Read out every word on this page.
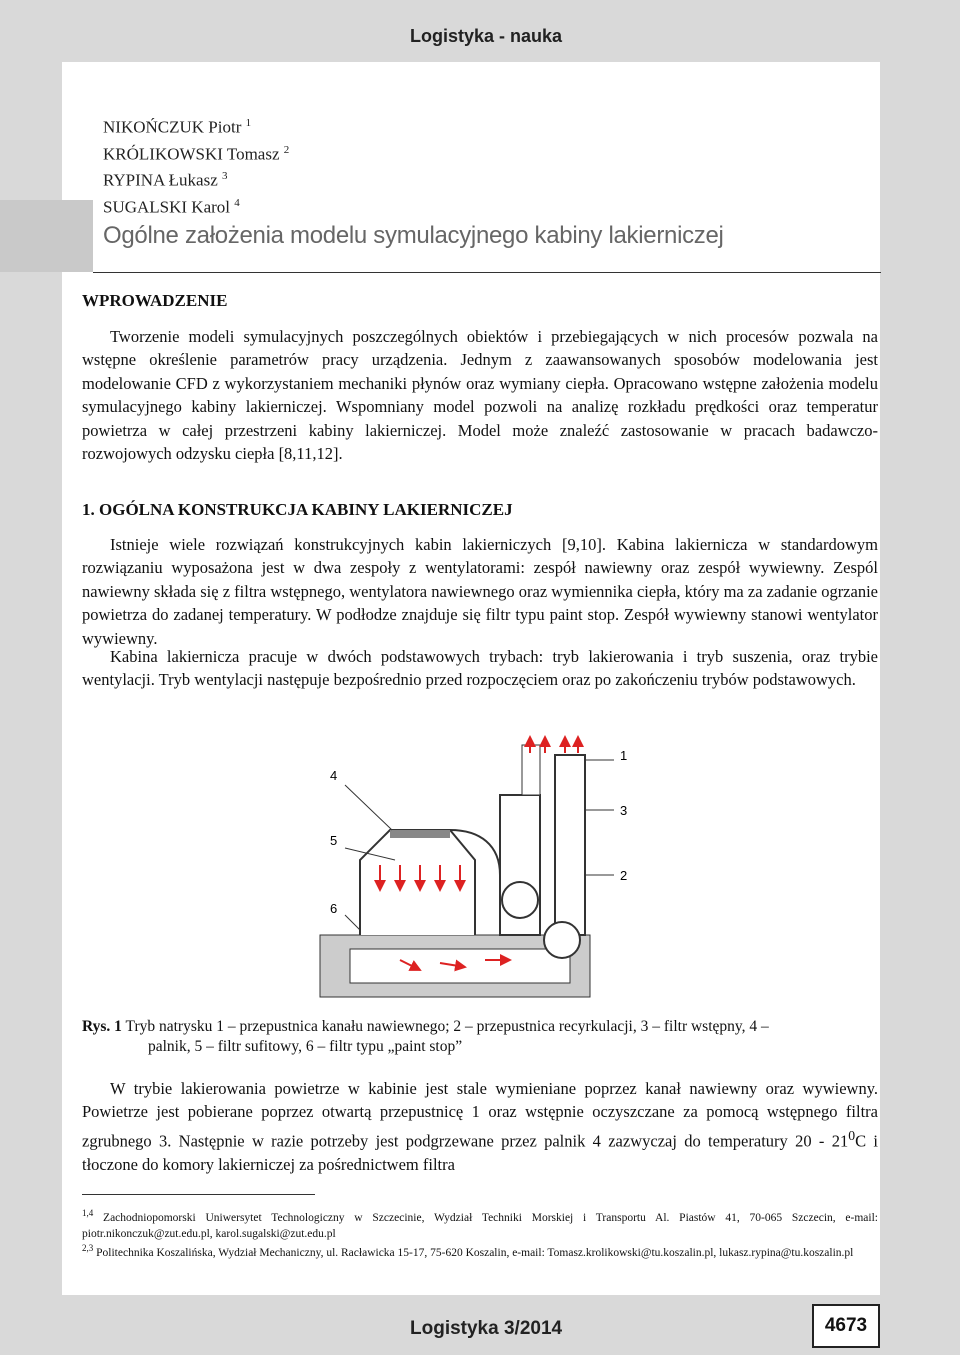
Logistyka - nauka
NIKOŃCZUK Piotr $^1$
KRÓLIKOWSKI Tomasz $^2$
RYPINA Łukasz $^3$
SUGALSKI Karol $^4$
Ogólne założenia modelu symulacyjnego kabiny lakierniczej
WPROWADZENIE
Tworzenie modeli symulacyjnych poszczególnych obiektów i przebiegających w nich procesów pozwala na wstępne określenie parametrów pracy urządzenia. Jednym z zaawansowanych sposobów modelowania jest modelowanie CFD z wykorzystaniem mechaniki płynów oraz wymiany ciepła. Opracowano wstępne założenia modelu symulacyjnego kabiny lakierniczej. Wspomniany model pozwoli na analizę rozkładu prędkości oraz temperatur powietrza w całej przestrzeni kabiny lakierniczej. Model może znaleźć zastosowanie w pracach badawczo-rozwojowych odzysku ciepła [8,11,12].
1. OGÓLNA KONSTRUKCJA KABINY LAKIERNICZEJ
Istnieje wiele rozwiązań konstrukcyjnych kabin lakierniczych [9,10]. Kabina lakiernicza w standardowym rozwiązaniu wyposażona jest w dwa zespoły z wentylatorami: zespół nawiewny oraz zespół wywiewny. Zespól nawiewny składa się z filtra wstępnego, wentylatora nawiewnego oraz wymiennika ciepła, który ma za zadanie ogrzanie powietrza do zadanej temperatury. W podłodze znajduje się filtr typu paint stop. Zespół wywiewny stanowi wentylator wywiewny.
Kabina lakiernicza pracuje w dwóch podstawowych trybach: tryb lakierowania i tryb suszenia, oraz trybie wentylacji. Tryb wentylacji następuje bezpośrednio przed rozpoczęciem oraz po zakończeniu trybów podstawowych.
4
5
6
1
3
2
Rys. 1 Tryb natrysku 1 – przepustnica kanału nawiewnego; 2 – przepustnica recyrkulacji, 3 – filtr wstępny, 4 –
palnik, 5 – filtr sufitowy, 6 – filtr typu „paint stop”
W trybie lakierowania powietrze w kabinie jest stale wymieniane poprzez kanał nawiewny oraz wywiewny. Powietrze jest pobierane poprzez otwartą przepustnicę 1 oraz wstępnie oczyszczane za pomocą wstępnego filtra zgrubnego 3. Następnie w razie potrzeby jest podgrzewane przez palnik 4 zazwyczaj do temperatury $20 - 21^0C$ i tłoczone do komory lakierniczej za pośrednictwem filtra
$^{1,4}$ Zachodniopomorski Uniwersytet Technologiczny w Szczecinie, Wydział Techniki Morskiej i Transportu Al. Piastów 41, 70-065 Szczecin, e-mail: piotr.nikonczuk@zut.edu.pl, karol.sugalski@zut.edu.pl
$^{2,3}$ Politechnika Koszalińska, Wydział Mechaniczny, ul. Racławicka 15-17, 75-620 Koszalin, e-mail: Tomasz.krolikowski@tu.koszalin.pl, lukasz.rypina@tu.koszalin.pl
Logistyka 3/2014	4673
